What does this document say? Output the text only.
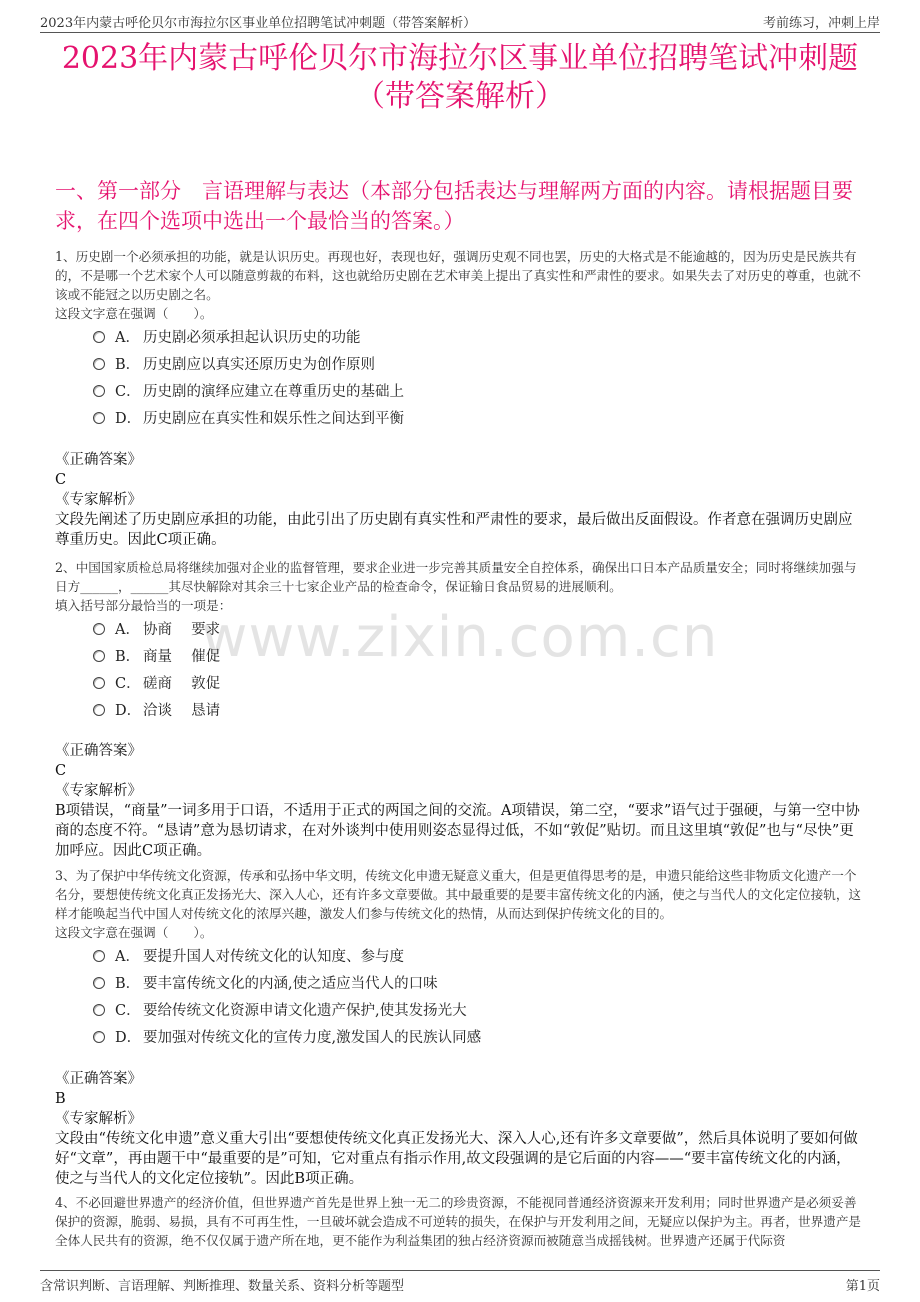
2023年内蒙古呼伦贝尔市海拉尔区事业单位招聘笔试冲刺题（带答案解析）	考前练习，冲刺上岸
2023年内蒙古呼伦贝尔市海拉尔区事业单位招聘笔试冲刺题
（带答案解析）
一、第一部分　言语理解与表达（本部分包括表达与理解两方面的内容。请根据题目要求，在四个选项中选出一个最恰当的答案。）
www.zixin.com.cn
1、历史剧一个必须承担的功能，就是认识历史。再现也好，表现也好，强调历史观不同也罢，历史的大格式是不能逾越的，因为历史是民族共有的，不是哪一个艺术家个人可以随意剪裁的布料，这也就给历史剧在艺术审美上提出了真实性和严肃性的要求。如果失去了对历史的尊重，也就不该或不能冠之以历史剧之名。
这段文字意在强调（　　）。
A． 历史剧必须承担起认识历史的功能
B． 历史剧应以真实还原历史为创作原则
C． 历史剧的演绎应建立在尊重历史的基础上
D． 历史剧应在真实性和娱乐性之间达到平衡
《正确答案》
C
《专家解析》
文段先阐述了历史剧应承担的功能，由此引出了历史剧有真实性和严肃性的要求，最后做出反面假设。作者意在强调历史剧应尊重历史。因此C项正确。
2、中国国家质检总局将继续加强对企业的监督管理，要求企业进一步完善其质量安全自控体系，确保出口日本产品质量安全；同时将继续加强与日方______，______其尽快解除对其余三十七家企业产品的检查命令，保证输日食品贸易的进展顺利。
填入括号部分最恰当的一项是：
A． 协商　 要求
B． 商量　 催促
C． 磋商　 敦促
D． 洽谈　 恳请
《正确答案》
C
《专家解析》
B项错误，“商量”一词多用于口语，不适用于正式的两国之间的交流。A项错误，第二空，“要求”语气过于强硬，与第一空中协商的态度不符。“恳请”意为恳切请求，在对外谈判中使用则姿态显得过低，不如“敦促”贴切。而且这里填“敦促”也与“尽快”更加呼应。因此C项正确。
3、为了保护中华传统文化资源，传承和弘扬中华文明，传统文化申遗无疑意义重大，但是更值得思考的是，申遗只能给这些非物质文化遗产一个名分，要想使传统文化真正发扬光大、深入人心，还有许多文章要做。其中最重要的是要丰富传统文化的内涵，使之与当代人的文化定位接轨，这样才能唤起当代中国人对传统文化的浓厚兴趣，激发人们参与传统文化的热情，从而达到保护传统文化的目的。
这段文字意在强调（　　）。
A． 要提升国人对传统文化的认知度、参与度
B． 要丰富传统文化的内涵,使之适应当代人的口味
C． 要给传统文化资源申请文化遗产保护,使其发扬光大
D． 要加强对传统文化的宣传力度,激发国人的民族认同感
《正确答案》
B
《专家解析》
文段由“传统文化申遗”意义重大引出“要想使传统文化真正发扬光大、深入人心,还有许多文章要做”，然后具体说明了要如何做好“文章”，再由题干中“最重要的是”可知，它对重点有指示作用,故文段强调的是它后面的内容——“要丰富传统文化的内涵，使之与当代人的文化定位接轨”。因此B项正确。
4、不必回避世界遗产的经济价值，但世界遗产首先是世界上独一无二的珍贵资源，不能视同普通经济资源来开发利用；同时世界遗产是必须妥善保护的资源，脆弱、易损，具有不可再生性，一旦破坏就会造成不可逆转的损失，在保护与开发利用之间，无疑应以保护为主。再者，世界遗产是全体人民共有的资源，绝不仅仅属于遗产所在地，更不能作为利益集团的独占经济资源而被随意当成摇钱树。世界遗产还属于代际资
含常识判断、言语理解、判断推理、数量关系、资料分析等题型	第1页
